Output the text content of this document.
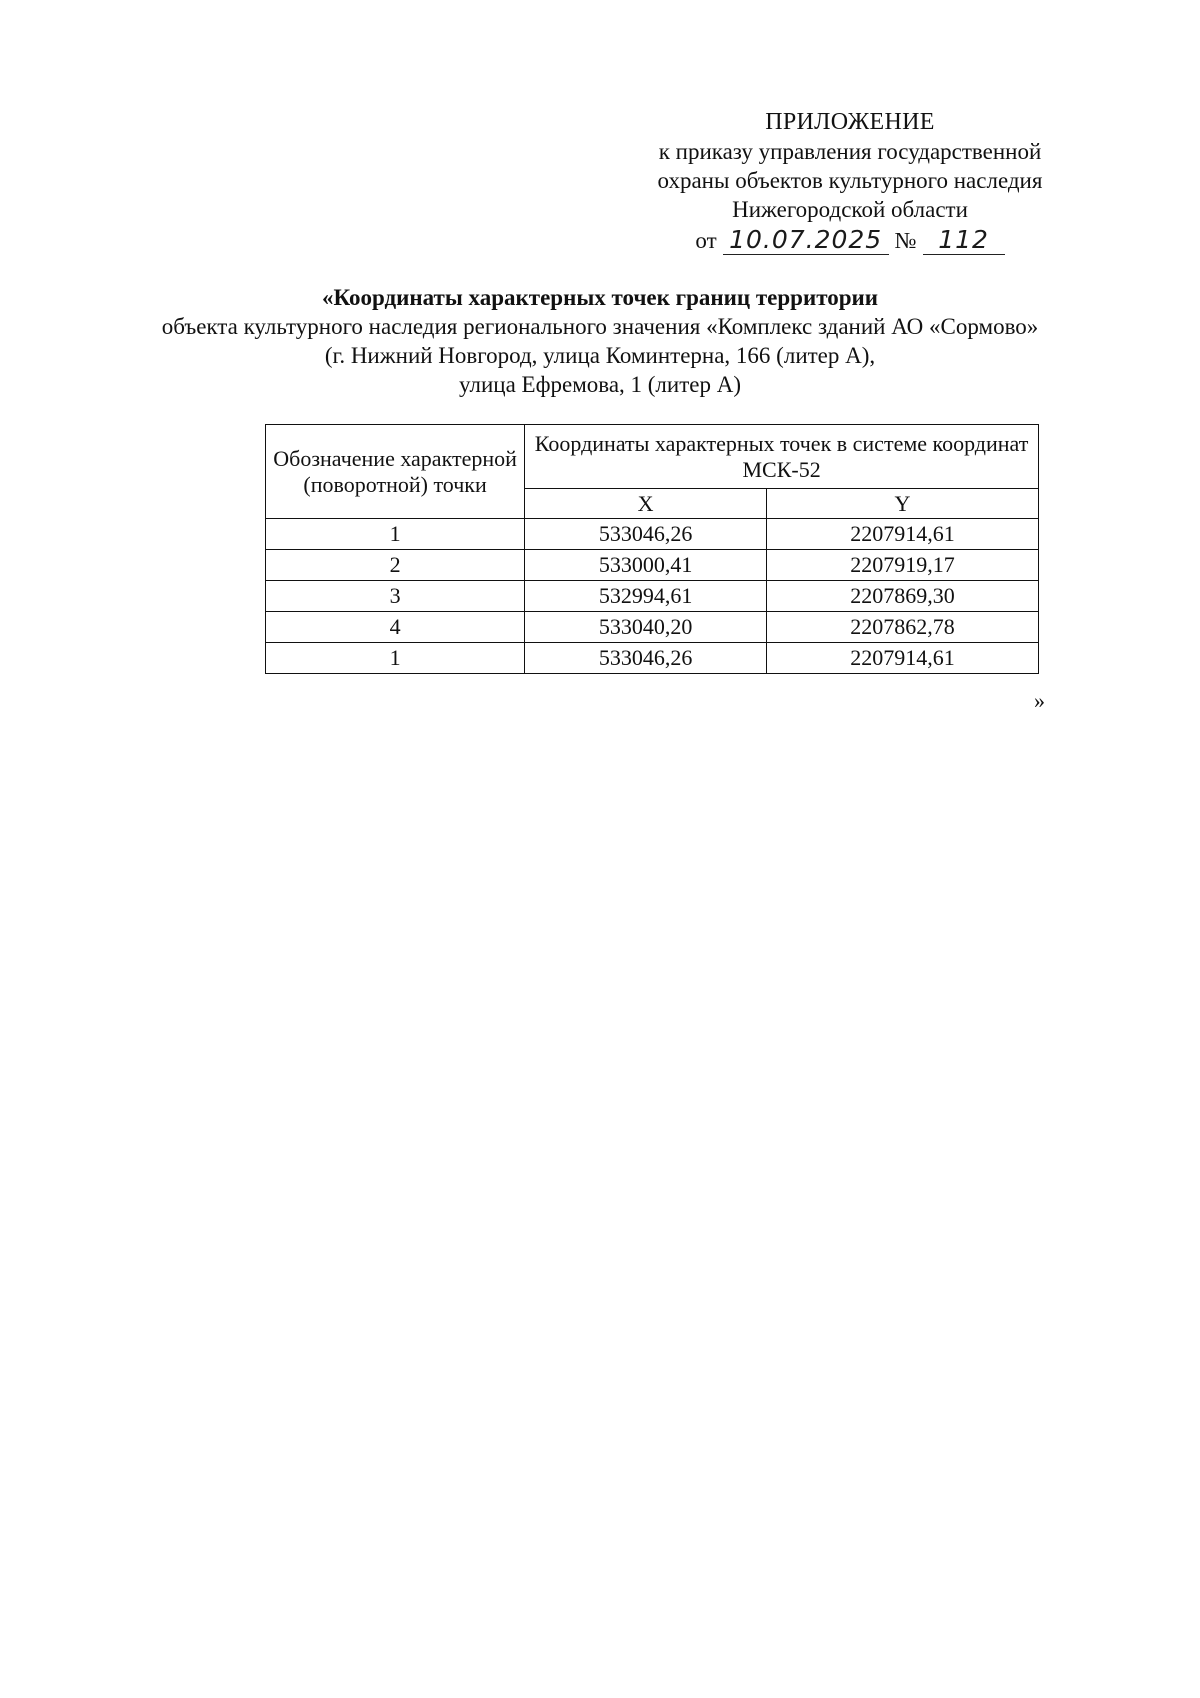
ПРИЛОЖЕНИЕ
к приказу управления государственной
охраны объектов культурного наследия
Нижегородской области
от 10.07.2025 № 112
«Координаты характерных точек границ территории
объекта культурного наследия регионального значения «Комплекс зданий АО «Сормово»
(г. Нижний Новгород, улица Коминтерна, 166 (литер А),
улица Ефремова, 1 (литер А)
Обозначение характерной (поворотной) точки	Координаты характерных точек в системе координат МСК-52	
	X	Y
1	533046,26	2207914,61
2	533000,41	2207919,17
3	532994,61	2207869,30
4	533040,20	2207862,78
1	533046,26	2207914,61
»
